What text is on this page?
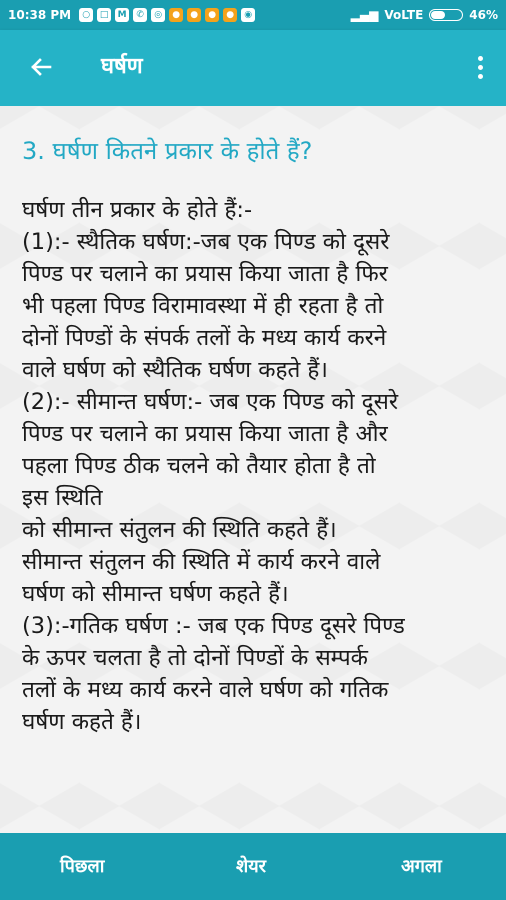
10:38 PM	○	□	M	✆	◎	●	●	●	●	◉	▂▄▆ VoLTE	46%
घर्षण
3. घर्षण कितने प्रकार के होते हैं?
घर्षण तीन प्रकार के होते हैं:-
(1):- स्थैतिक घर्षण:-जब एक पिण्ड को दूसरे
पिण्ड पर चलाने का प्रयास किया जाता है फिर
भी पहला पिण्ड विरामावस्था में ही रहता है तो
दोनों पिण्डों के संपर्क तलों के मध्य कार्य करने
वाले घर्षण को स्थैतिक घर्षण कहते हैं।
(2):- सीमान्त घर्षण:- जब एक पिण्ड को दूसरे
पिण्ड पर चलाने का प्रयास किया जाता है और
पहला पिण्ड ठीक चलने को तैयार होता है तो
इस स्थिति
को सीमान्त संतुलन की स्थिति कहते हैं।
सीमान्त संतुलन की स्थिति में कार्य करने वाले
घर्षण को सीमान्त घर्षण कहते हैं।
(3):-गतिक घर्षण :- जब एक पिण्ड दूसरे पिण्ड
के ऊपर चलता है तो दोनों पिण्डों के सम्पर्क
तलों के मध्य कार्य करने वाले घर्षण को गतिक
घर्षण कहते हैं।
पिछला	शेयर	अगला
